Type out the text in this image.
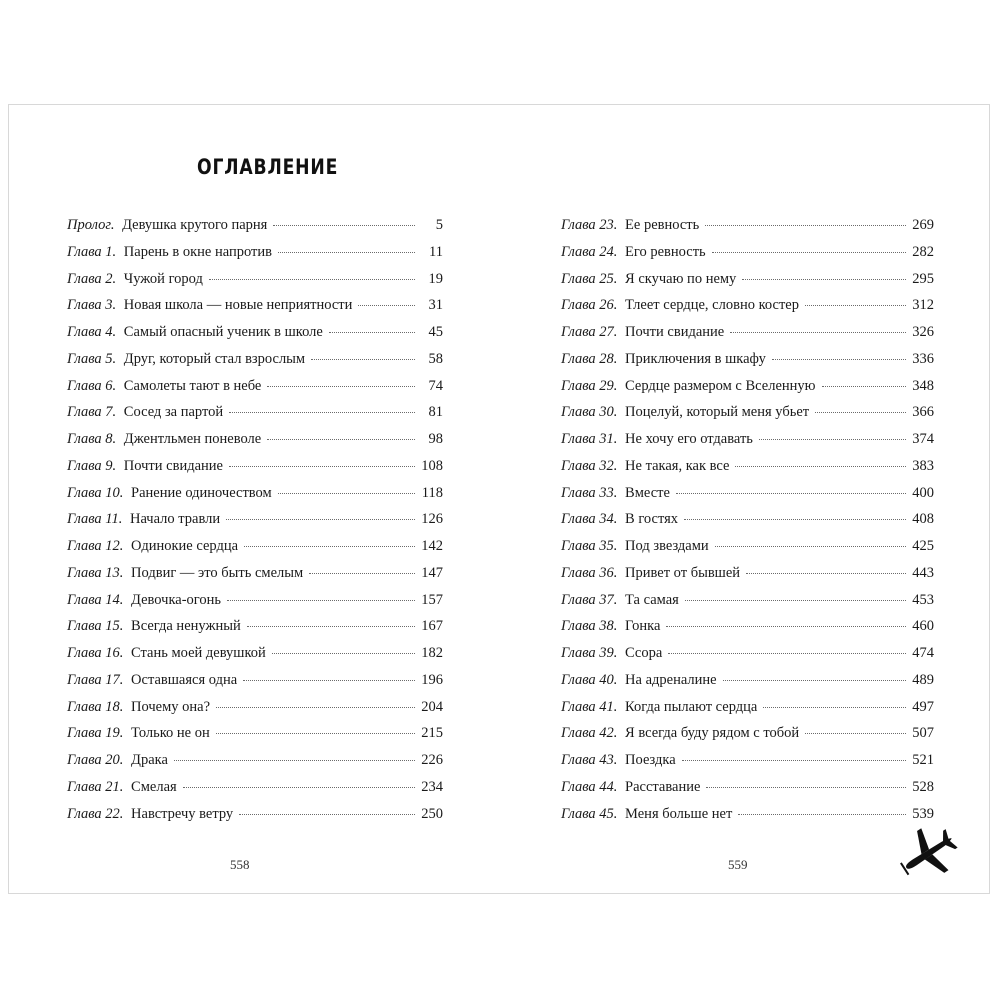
ОГЛАВЛЕНИЕ
Пролог. Девушка крутого парня	5
Глава 1. Парень в окне напротив	11
Глава 2. Чужой город	19
Глава 3. Новая школа — новые неприятности	31
Глава 4. Самый опасный ученик в школе	45
Глава 5. Друг, который стал взрослым	58
Глава 6. Самолеты тают в небе	74
Глава 7. Сосед за партой	81
Глава 8. Джентльмен поневоле	98
Глава 9. Почти свидание	108
Глава 10. Ранение одиночеством	118
Глава 11. Начало травли	126
Глава 12. Одинокие сердца	142
Глава 13. Подвиг — это быть смелым	147
Глава 14. Девочка-огонь	157
Глава 15. Всегда ненужный	167
Глава 16. Стань моей девушкой	182
Глава 17. Оставшаяся одна	196
Глава 18. Почему она?	204
Глава 19. Только не он	215
Глава 20. Драка	226
Глава 21. Смелая	234
Глава 22. Навстречу ветру	250
558
Глава 23. Ее ревность	269
Глава 24. Его ревность	282
Глава 25. Я скучаю по нему	295
Глава 26. Тлеет сердце, словно костер	312
Глава 27. Почти свидание	326
Глава 28. Приключения в шкафу	336
Глава 29. Сердце размером с Вселенную	348
Глава 30. Поцелуй, который меня убьет	366
Глава 31. Не хочу его отдавать	374
Глава 32. Не такая, как все	383
Глава 33. Вместе	400
Глава 34. В гостях	408
Глава 35. Под звездами	425
Глава 36. Привет от бывшей	443
Глава 37. Та самая	453
Глава 38. Гонка	460
Глава 39. Ссора	474
Глава 40. На адреналине	489
Глава 41. Когда пылают сердца	497
Глава 42. Я всегда буду рядом с тобой	507
Глава 43. Поездка	521
Глава 44. Расставание	528
Глава 45. Меня больше нет	539
559
